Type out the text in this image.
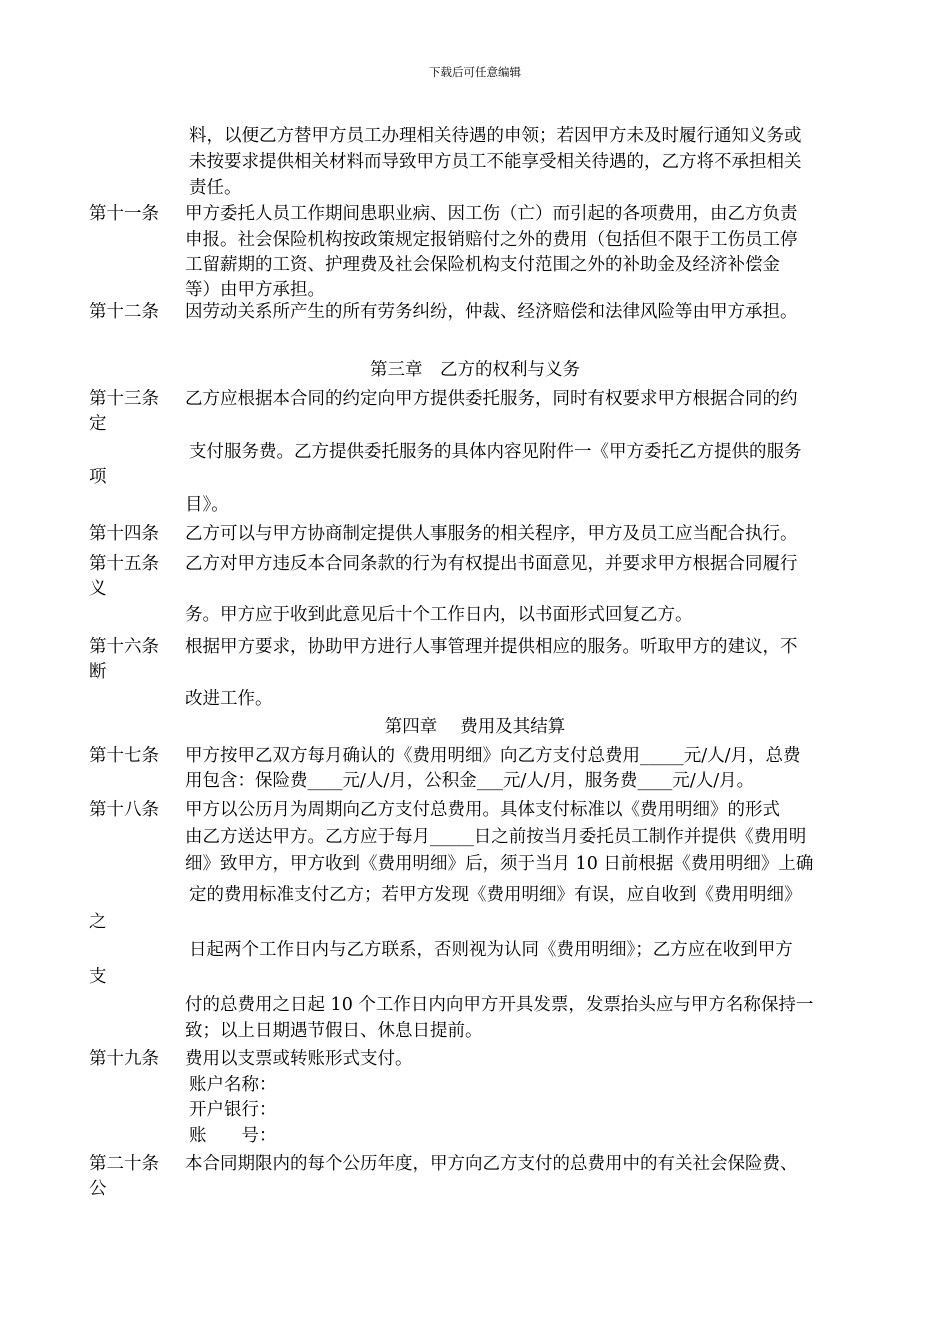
下载后可任意编辑
料，以便乙方替甲方员工办理相关待遇的申领；若因甲方未及时履行通知义务或
未按要求提供相关材料而导致甲方员工不能享受相关待遇的，乙方将不承担相关
责任。
第十一条 甲方委托人员工作期间患职业病、因工伤（亡）而引起的各项费用，由乙方负责
申报。社会保险机构按政策规定报销赔付之外的费用（包括但不限于工伤员工停
工留薪期的工资、护理费及社会保险机构支付范围之外的补助金及经济补偿金
等）由甲方承担。
第十二条 因劳动关系所产生的所有劳务纠纷，仲裁、经济赔偿和法律风险等由甲方承担。
第三章　乙方的权利与义务
第十三条 乙方应根据本合同的约定向甲方提供委托服务，同时有权要求甲方根据合同的约
定
支付服务费。乙方提供委托服务的具体内容见附件一《甲方委托乙方提供的服务
项
目》。
第十四条 乙方可以与甲方协商制定提供人事服务的相关程序，甲方及员工应当配合执行。
第十五条 乙方对甲方违反本合同条款的行为有权提出书面意见，并要求甲方根据合同履行
义
务。甲方应于收到此意见后十个工作日内，以书面形式回复乙方。
第十六条 根据甲方要求，协助甲方进行人事管理并提供相应的服务。听取甲方的建议，不
断
改进工作。
第四章　 费用及其结算
第十七条 甲方按甲乙双方每月确认的《费用明细》向乙方支付总费用_____元/人/月，总费
用包含：保险费____元/人/月，公积金___元/人/月，服务费____元/人/月。
第十八条 甲方以公历月为周期向乙方支付总费用。具体支付标准以《费用明细》的形式
由乙方送达甲方。乙方应于每月_____日之前按当月委托员工制作并提供《费用明
细》致甲方，甲方收到《费用明细》后，须于当月 10 日前根据《费用明细》上确
定的费用标准支付乙方；若甲方发现《费用明细》有误，应自收到《费用明细》
之
日起两个工作日内与乙方联系，否则视为认同《费用明细》；乙方应在收到甲方
支
付的总费用之日起 10 个工作日内向甲方开具发票，发票抬头应与甲方名称保持一
致；以上日期遇节假日、休息日提前。
第十九条 费用以支票或转账形式支付。
账户名称：
开户银行：
账　　号：
第二十条 本合同期限内的每个公历年度，甲方向乙方支付的总费用中的有关社会保险费、
公
